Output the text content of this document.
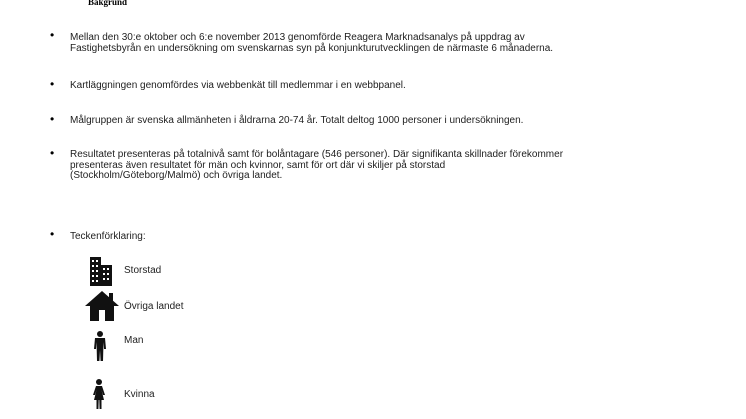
Bakgrund
• Mellan den 30:e oktober och 6:e november 2013 genomförde Reagera Marknadsanalys på uppdrag av
Fastighetsbyrån en undersökning om svenskarnas syn på konjunkturutvecklingen de närmaste 6 månaderna.
• Kartläggningen genomfördes via webbenkät till medlemmar i en webbpanel.
• Målgruppen är svenska allmänheten i åldrarna 20-74 år. Totalt deltog 1000 personer i undersökningen.
• Resultatet presenteras på totalnivå samt för bolåntagare (546 personer). Där signifikanta skillnader förekommer
presenteras även resultatet för män och kvinnor, samt för ort där vi skiljer på storstad
(Stockholm/Göteborg/Malmö) och övriga landet.
• Teckenförklaring:
Storstad
Övriga landet
Man
Kvinna
